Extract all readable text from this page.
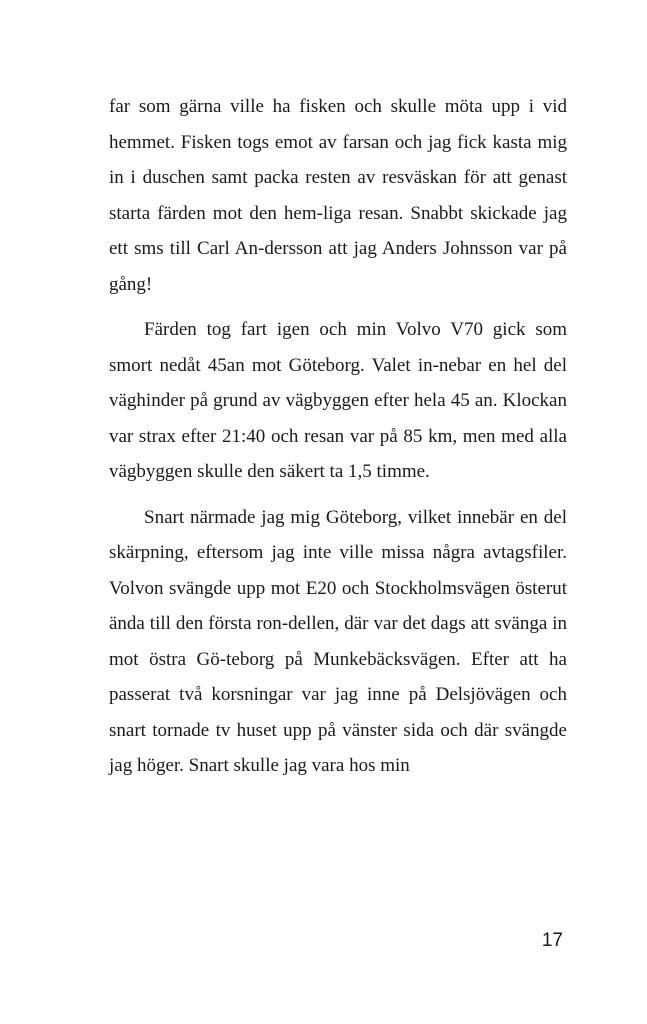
far som gärna ville ha fisken och skulle möta upp i vid hemmet. Fisken togs emot av farsan och jag fick kasta mig in i duschen samt packa resten av resväskan för att genast starta färden mot den hem-liga resan. Snabbt skickade jag ett sms till Carl An-dersson att jag Anders Johnsson var på gång!

Färden tog fart igen och min Volvo V70 gick som smort nedåt 45an mot Göteborg. Valet in-nebar en hel del väghinder på grund av vägbyggen efter hela 45 an. Klockan var strax efter 21:40 och resan var på 85 km, men med alla vägbyggen skulle den säkert ta 1,5 timme.

Snart närmade jag mig Göteborg, vilket innebär en del skärpning, eftersom jag inte ville missa några avtagsfiler. Volvon svängde upp mot E20 och Stockholmsvägen österut ända till den första ron-dellen, där var det dags att svänga in mot östra Gö-teborg på Munkebäcksvägen. Efter att ha passerat två korsningar var jag inne på Delsjövägen och snart tornade tv huset upp på vänster sida och där svängde jag höger. Snart skulle jag vara hos min

17
